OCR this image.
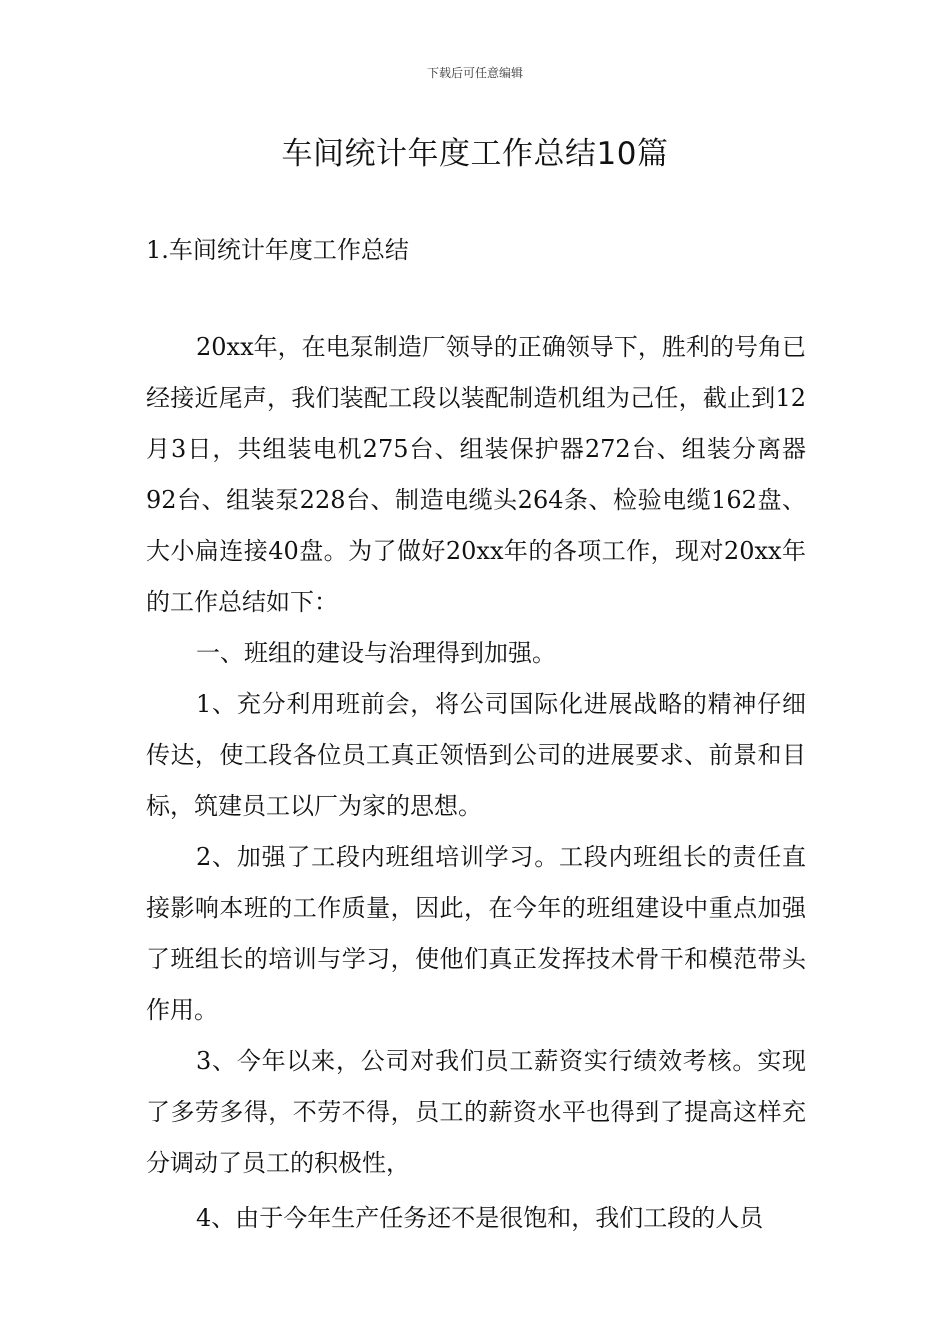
下载后可任意编辑
车间统计年度工作总结10篇
1.车间统计年度工作总结

20xx年，在电泵制造厂领导的正确领导下，胜利的号角已经接近尾声，我们装配工段以装配制造机组为己任，截止到12月3日，共组装电机275台、组装保护器272台、组装分离器92台、组装泵228台、制造电缆头264条、检验电缆162盘、大小扁连接40盘。为了做好20xx年的各项工作，现对20xx年的工作总结如下：

一、班组的建设与治理得到加强。

1、充分利用班前会，将公司国际化进展战略的精神仔细传达，使工段各位员工真正领悟到公司的进展要求、前景和目标，筑建员工以厂为家的思想。

2、加强了工段内班组培训学习。工段内班组长的责任直接影响本班的工作质量，因此，在今年的班组建设中重点加强了班组长的培训与学习，使他们真正发挥技术骨干和模范带头作用。

3、今年以来，公司对我们员工薪资实行绩效考核。实现了多劳多得，不劳不得，员工的薪资水平也得到了提高这样充分调动了员工的积极性，

4、由于今年生产任务还不是很饱和，我们工段的人员
